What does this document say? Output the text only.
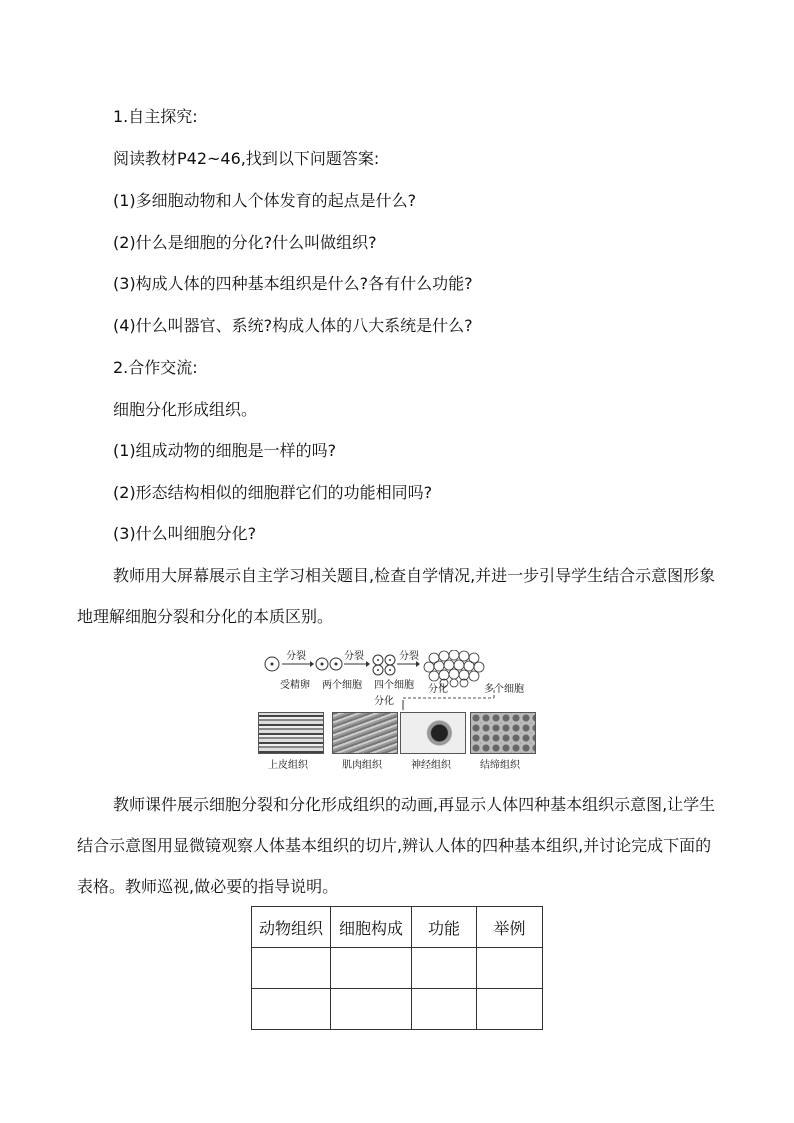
1.自主探究:
阅读教材P42~46,找到以下问题答案:
(1)多细胞动物和人个体发育的起点是什么?
(2)什么是细胞的分化?什么叫做组织?
(3)构成人体的四种基本组织是什么?各有什么功能?
(4)什么叫器官、系统?构成人体的八大系统是什么?
2.合作交流:
细胞分化形成组织。
(1)组成动物的细胞是一样的吗?
(2)形态结构相似的细胞群它们的功能相同吗?
(3)什么叫细胞分化?
教师用大屏幕展示自主学习相关题目,检查自学情况,并进一步引导学生结合示意图形象地理解细胞分裂和分化的本质区别。
分裂	分裂	分裂
受精卵 两个细胞 四个细胞 分化	多个细胞
分化
上皮组织	肌肉组织	神经组织	结缔组织
教师课件展示细胞分裂和分化形成组织的动画,再显示人体四种基本组织示意图,让学生结合示意图用显微镜观察人体基本组织的切片,辨认人体的四种基本组织,并讨论完成下面的表格。教师巡视,做必要的指导说明。
动物组织	细胞构成	功能	举例
